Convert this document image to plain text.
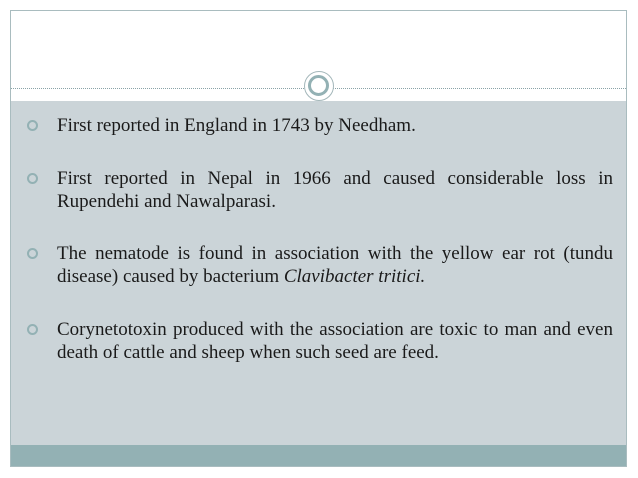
First reported in England in 1743 by Needham.
First reported in Nepal in 1966 and caused considerable loss in Rupendehi and Nawalparasi.
The nematode is found in association with the yellow ear rot (tundu disease) caused by bacterium Clavibacter tritici.
Corynetotoxin produced with the association are toxic to man and even death of cattle and sheep when such seed are feed.
